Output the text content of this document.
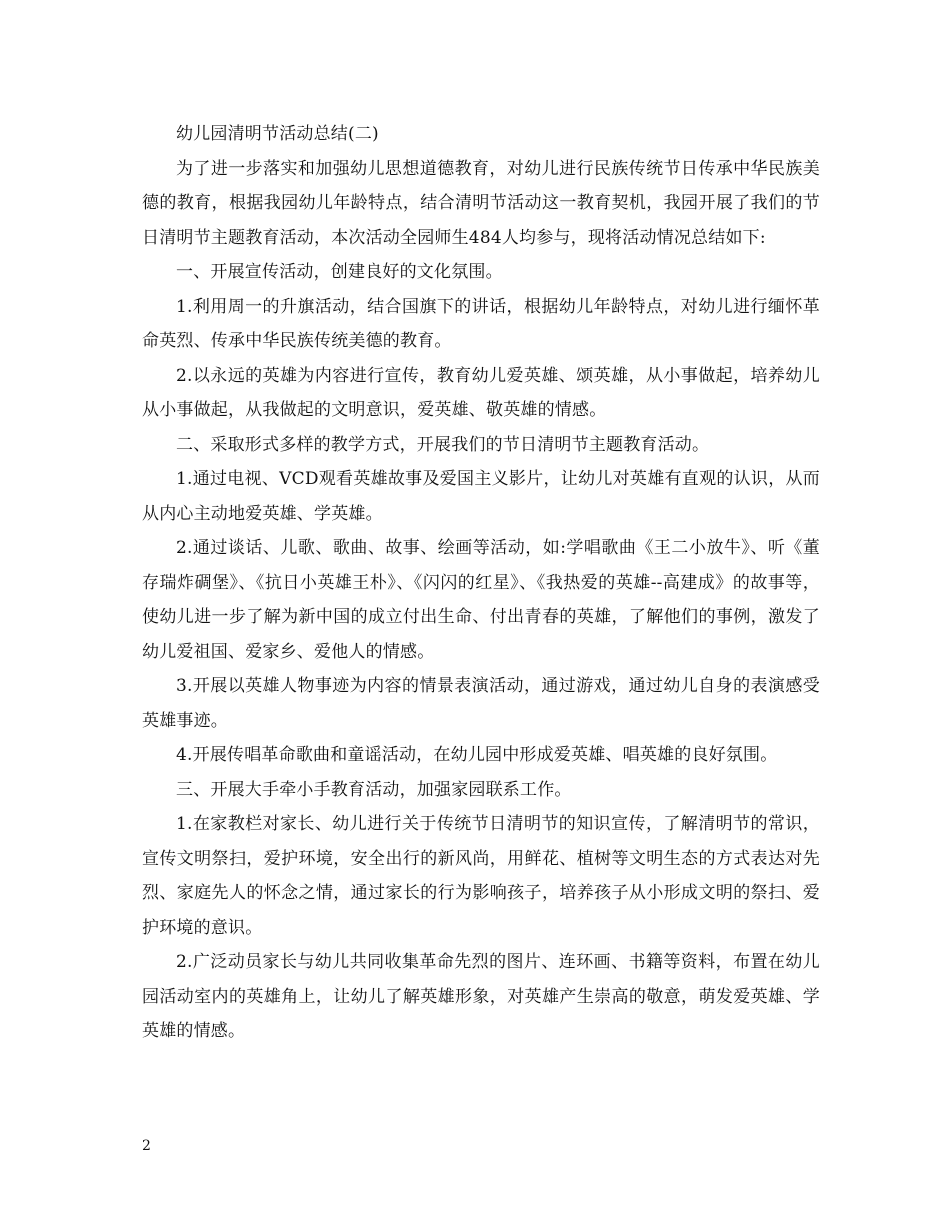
幼儿园清明节活动总结(二)

为了进一步落实和加强幼儿思想道德教育，对幼儿进行民族传统节日传承中华民族美德的教育，根据我园幼儿年龄特点，结合清明节活动这一教育契机，我园开展了我们的节日清明节主题教育活动，本次活动全园师生484人均参与，现将活动情况总结如下:

一、开展宣传活动，创建良好的文化氛围。

1.利用周一的升旗活动，结合国旗下的讲话，根据幼儿年龄特点，对幼儿进行缅怀革命英烈、传承中华民族传统美德的教育。

2.以永远的英雄为内容进行宣传，教育幼儿爱英雄、颂英雄，从小事做起，培养幼儿从小事做起，从我做起的文明意识，爱英雄、敬英雄的情感。

二、采取形式多样的教学方式，开展我们的节日清明节主题教育活动。

1.通过电视、VCD观看英雄故事及爱国主义影片，让幼儿对英雄有直观的认识，从而从内心主动地爱英雄、学英雄。

2.通过谈话、儿歌、歌曲、故事、绘画等活动，如:学唱歌曲《王二小放牛》、听《董存瑞炸碉堡》、《抗日小英雄王朴》、《闪闪的红星》、《我热爱的英雄--高建成》的故事等，使幼儿进一步了解为新中国的成立付出生命、付出青春的英雄，了解他们的事例，激发了幼儿爱祖国、爱家乡、爱他人的情感。

3.开展以英雄人物事迹为内容的情景表演活动，通过游戏，通过幼儿自身的表演感受英雄事迹。

4.开展传唱革命歌曲和童谣活动，在幼儿园中形成爱英雄、唱英雄的良好氛围。

三、开展大手牵小手教育活动，加强家园联系工作。

1.在家教栏对家长、幼儿进行关于传统节日清明节的知识宣传，了解清明节的常识，宣传文明祭扫，爱护环境，安全出行的新风尚，用鲜花、植树等文明生态的方式表达对先烈、家庭先人的怀念之情，通过家长的行为影响孩子，培养孩子从小形成文明的祭扫、爱护环境的意识。

2.广泛动员家长与幼儿共同收集革命先烈的图片、连环画、书籍等资料，布置在幼儿园活动室内的英雄角上，让幼儿了解英雄形象，对英雄产生崇高的敬意，萌发爱英雄、学英雄的情感。

2
